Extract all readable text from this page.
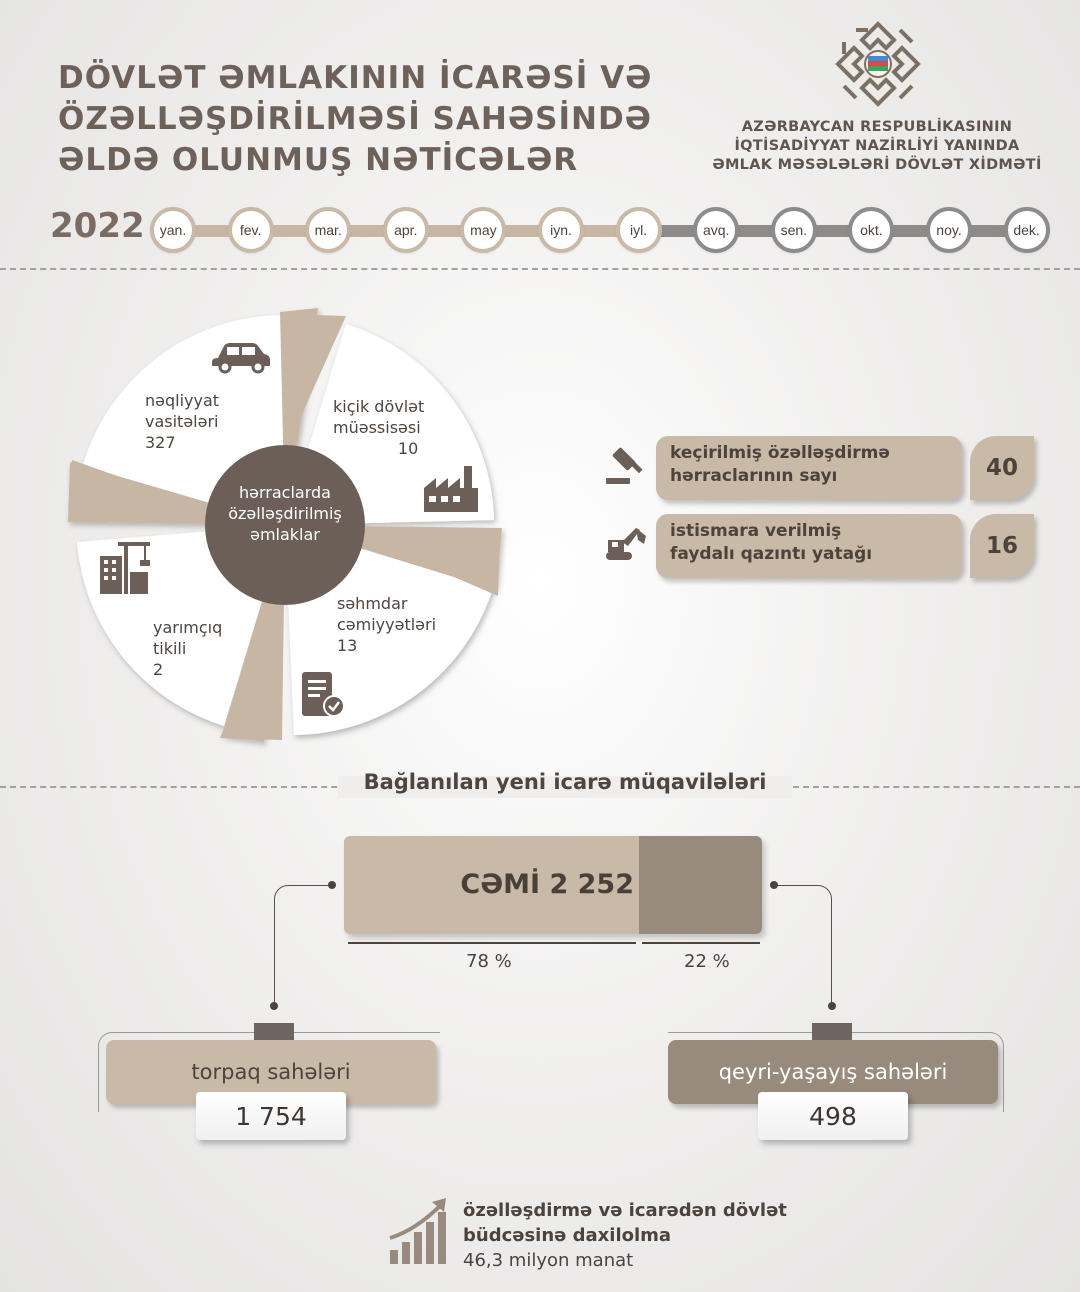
DÖVLƏT ƏMLAKININ İCARƏSİ VƏ
ÖZƏLLƏŞDİRİLMƏSİ SAHƏSİNDƏ
ƏLDƏ OLUNMUŞ NƏTİCƏLƏR
AZƏRBAYCAN RESPUBLİKASININ
İQTİSADİYYAT NAZİRLİYİ YANINDA
ƏMLAK MƏSƏLƏLƏRİ DÖVLƏT XİDMƏTİ
2022 yan.	fev.	mar.	apr.	may	iyn.	iyl.	avq.	sen.	okt.	noy.	dek.
nəqliyyat
vasitələri
327
kiçik dövlət
müəssisəsi
10
səhmdar
cəmiyyətləri
13
yarımçıq
tikili
2
hərraclarda
özəlləşdirilmiş
əmlaklar
keçirilmiş özəlləşdirmə
hərraclarının sayı	40
istismara verilmiş
faydalı qazıntı yatağı	16
Bağlanılan yeni icarə müqavilələri
CƏMİ 2 252
78 %	22 %
torpaq sahələri
1 754
qeyri-yaşayış sahələri
498
özəlləşdirmə və icarədən dövlət
büdcəsinə daxilolma
46,3 milyon manat
